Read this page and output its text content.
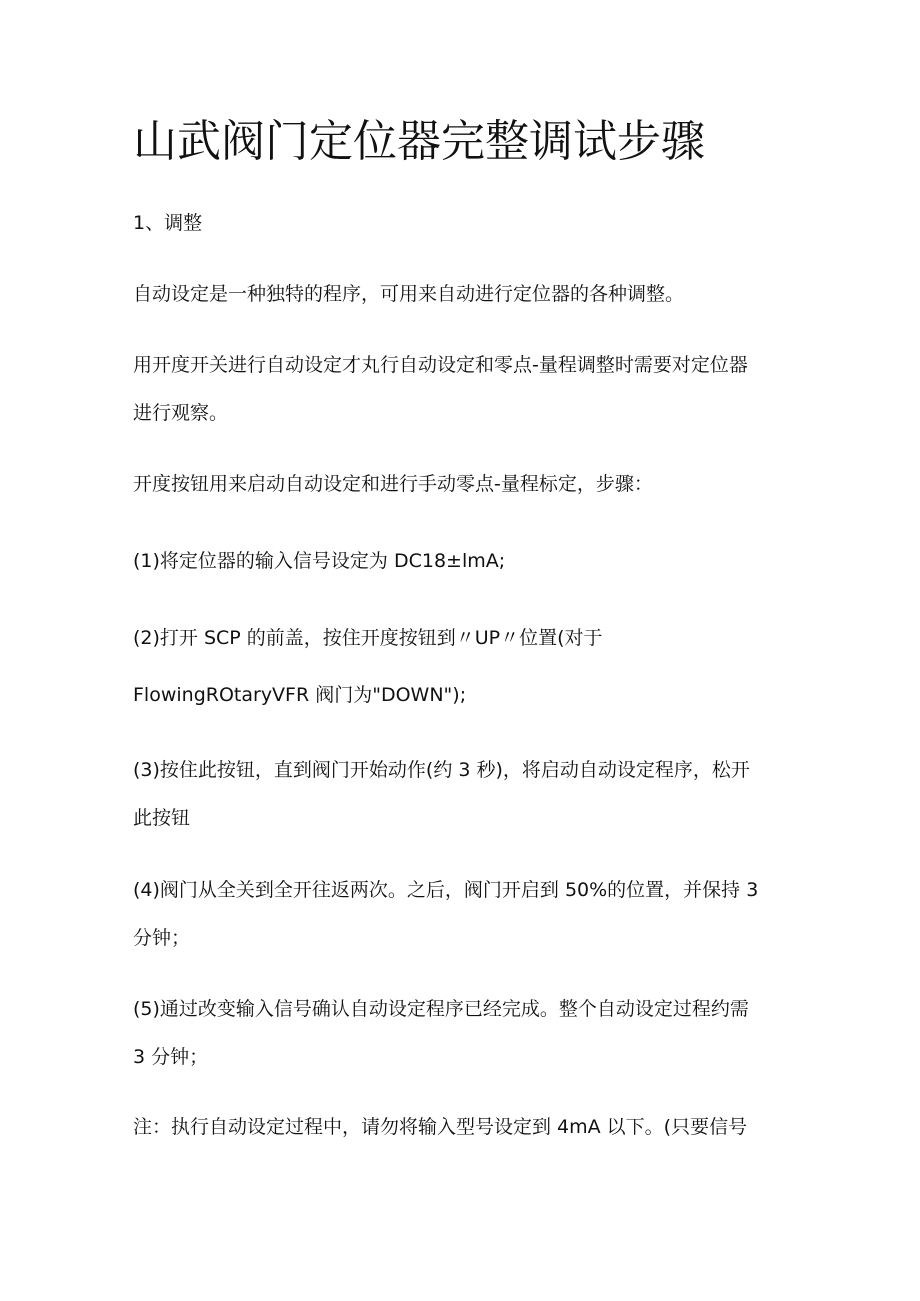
山武阀门定位器完整调试步骤

1、调整

自动设定是一种独特的程序，可用来自动进行定位器的各种调整。

用开度开关进行自动设定才丸行自动设定和零点-量程调整时需要对定位器
进行观察。

开度按钮用来启动自动设定和进行手动零点-量程标定，步骤：

(1)将定位器的输入信号设定为 DC18±lmA;

(2)打开 SCP 的前盖，按住开度按钮到〃UP〃位置(对于

FlowingROtaryVFR 阀门为"DOWN");

(3)按住此按钮，直到阀门开始动作(约 3 秒)，将启动自动设定程序，松开
此按钮

(4)阀门从全关到全开往返两次。之后，阀门开启到 50%的位置，并保持 3
分钟；

(5)通过改变输入信号确认自动设定程序已经完成。整个自动设定过程约需
3 分钟；

注：执行自动设定过程中，请勿将输入型号设定到 4mA 以下。(只要信号
